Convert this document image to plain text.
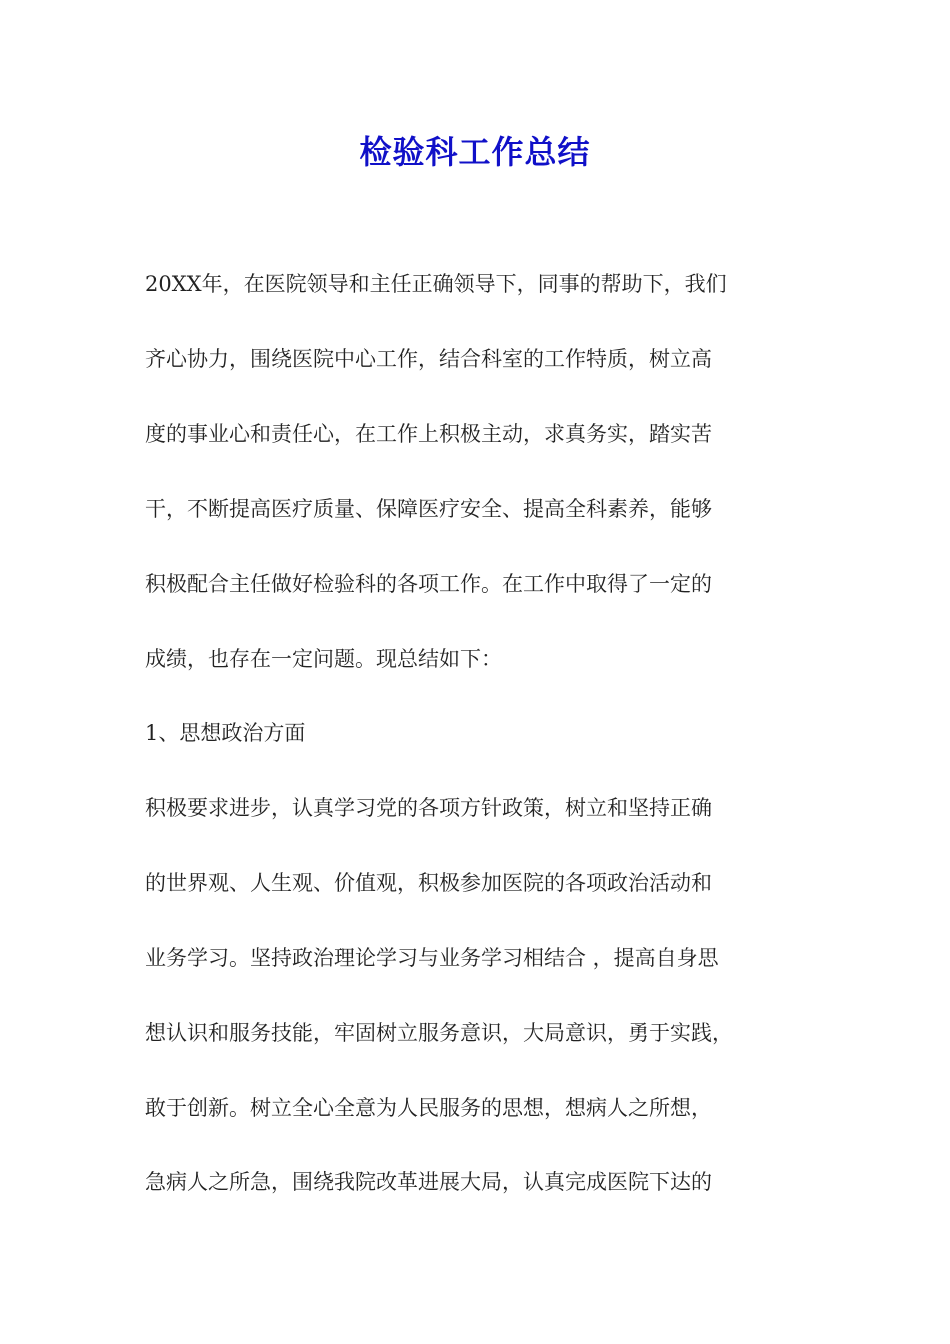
检验科工作总结
20XX年，在医院领导和主任正确领导下，同事的帮助下，我们
齐心协力，围绕医院中心工作，结合科室的工作特质，树立高
度的事业心和责任心，在工作上积极主动，求真务实，踏实苦
干，不断提高医疗质量、保障医疗安全、提高全科素养，能够
积极配合主任做好检验科的各项工作。在工作中取得了一定的
成绩，也存在一定问题。现总结如下：
1、思想政治方面
积极要求进步，认真学习党的各项方针政策，树立和坚持正确
的世界观、人生观、价值观，积极参加医院的各项政治活动和
业务学习。坚持政治理论学习与业务学习相结合 ，提高自身思
想认识和服务技能，牢固树立服务意识，大局意识，勇于实践，
敢于创新。树立全心全意为人民服务的思想，想病人之所想，
急病人之所急，围绕我院改革进展大局，认真完成医院下达的
